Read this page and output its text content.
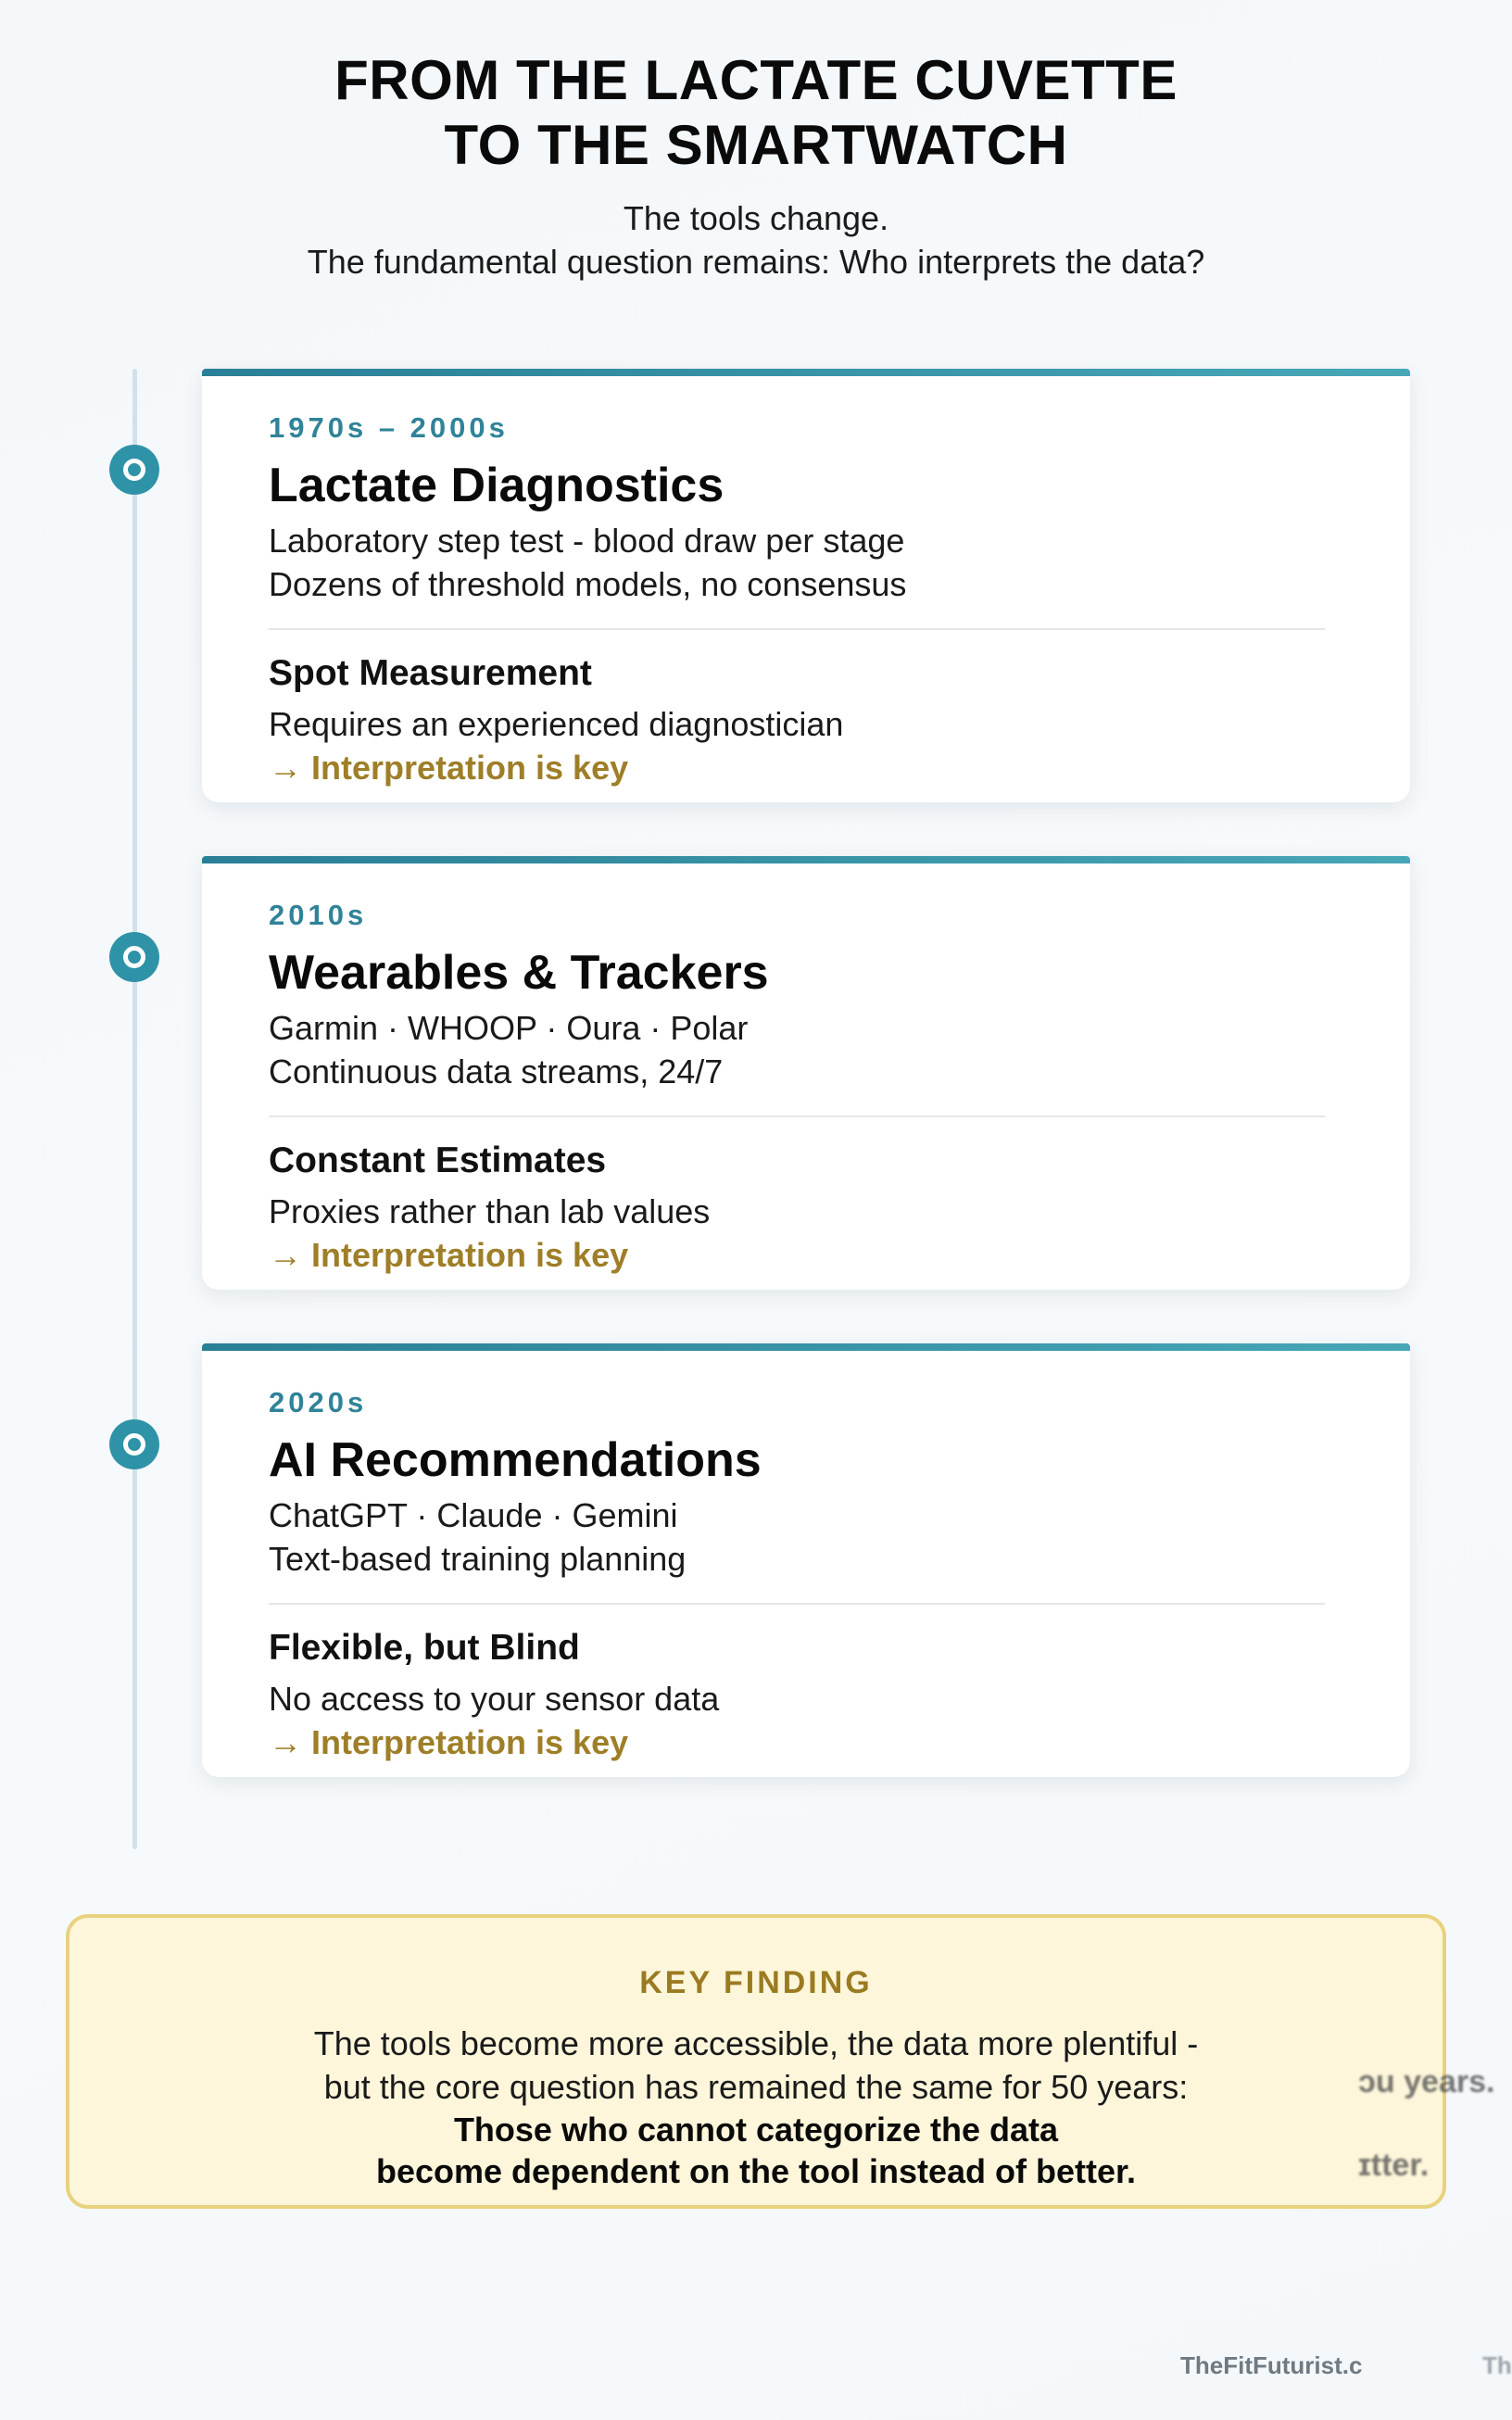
FROM THE LACTATE CUVETTE
TO THE SMARTWATCH
The tools change.
The fundamental question remains: Who interprets the data?
1970s – 2000s
Lactate Diagnostics
Laboratory step test - blood draw per stage
Dozens of threshold models, no consensus
Spot Measurement
Requires an experienced diagnostician
→ Interpretation is key
2010s
Wearables & Trackers
Garmin · WHOOP · Oura · Polar
Continuous data streams, 24/7
Constant Estimates
Proxies rather than lab values
→ Interpretation is key
2020s
AI Recommendations
ChatGPT · Claude · Gemini
Text-based training planning
Flexible, but Blind
No access to your sensor data
→ Interpretation is key
KEY FINDING
The tools become more accessible, the data more plentiful -
but the core question has remained the same for 50 years:
Those who cannot categorize the data
become dependent on the tool instead of better.
ɔu years.
ɪtter.
TheFitFuturist.c	Th
